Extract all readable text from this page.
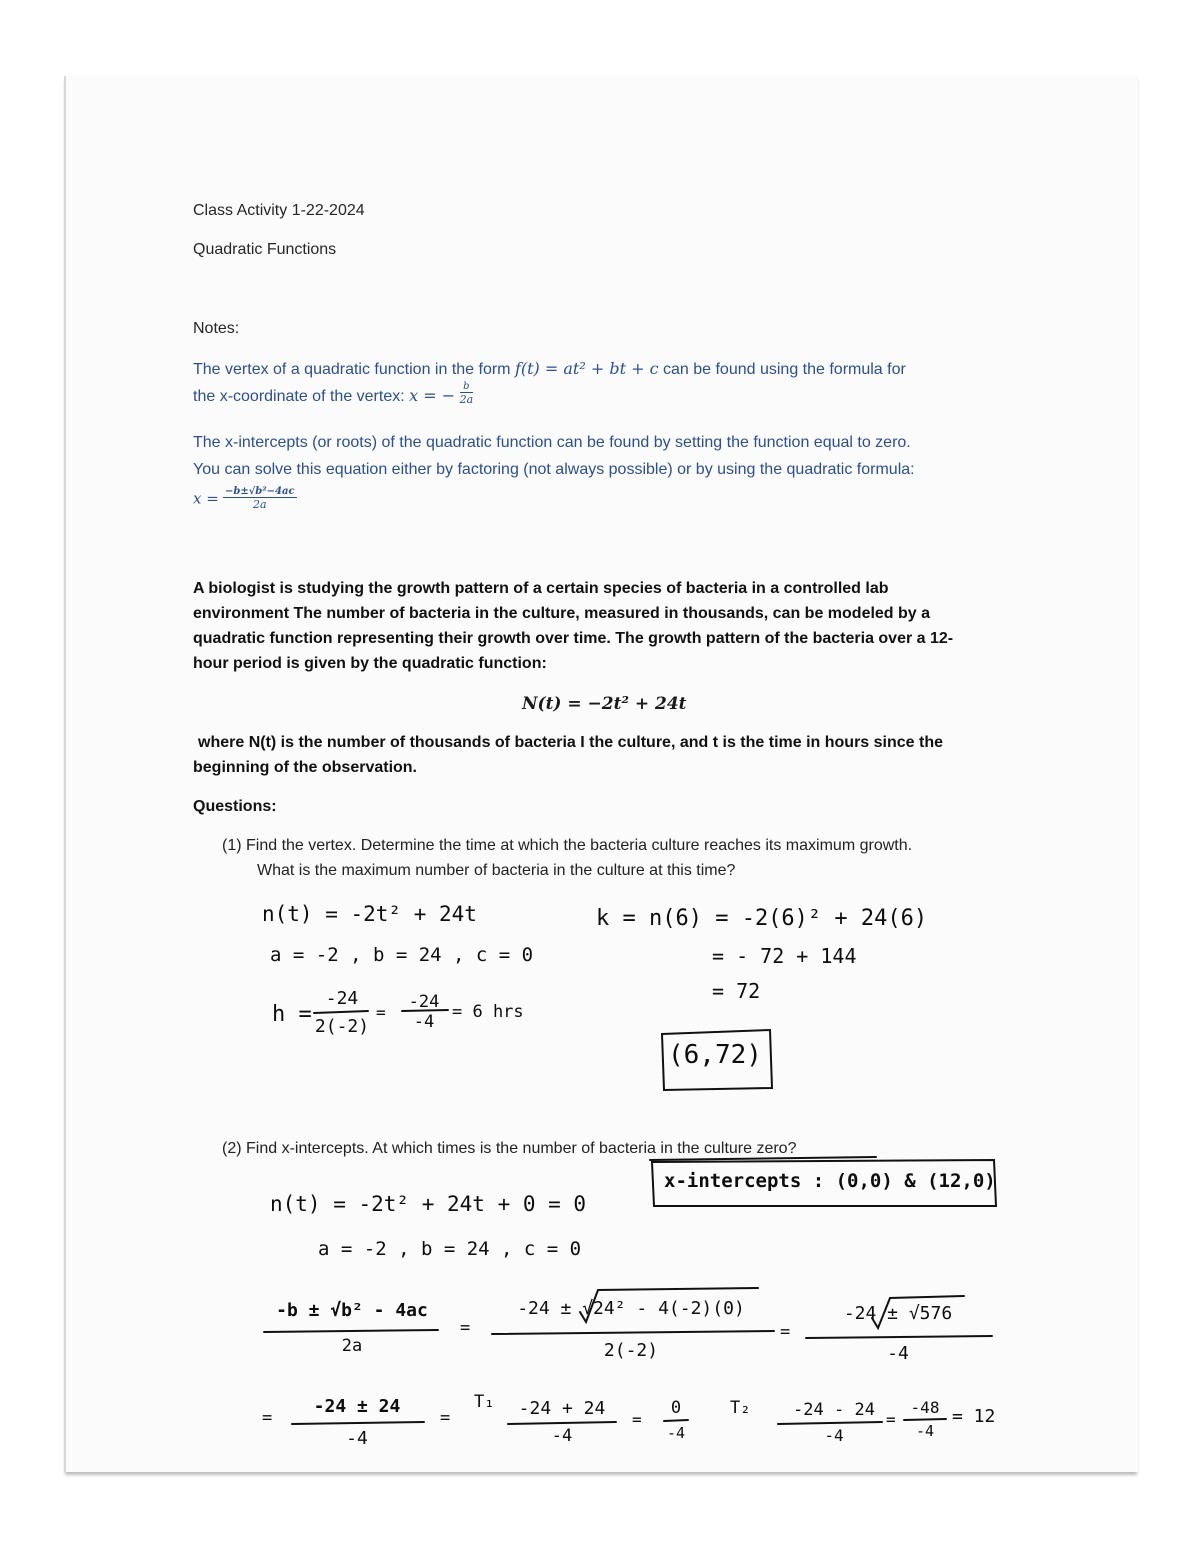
Class Activity 1-22-2024
Quadratic Functions
Notes:
The vertex of a quadratic function in the form f(t) = at² + bt + c can be found using the formula for
the x-coordinate of the vertex: x = − $\frac{b}{2a}$
The x-intercepts (or roots) of the quadratic function can be found by setting the function equal to zero.
You can solve this equation either by factoring (not always possible) or by using the quadratic formula:
$x = \frac{\text{−b±√b²−4ac}}{2a}$
A biologist is studying the growth pattern of a certain species of bacteria in a controlled lab
environment The number of bacteria in the culture, measured in thousands, can be modeled by a
quadratic function representing their growth over time. The growth pattern of the bacteria over a 12-
hour period is given by the quadratic function:
N(t) = −2t² + 24t
where N(t) is the number of thousands of bacteria I the culture, and t is the time in hours since the
beginning of the observation.
Questions:
(1) Find the vertex. Determine the time at which the bacteria culture reaches its maximum growth.
What is the maximum number of bacteria in the culture at this time?
(2) Find x-intercepts. At which times is the number of bacteria in the culture zero?
n(t) = -2t² + 24t
a = -2 , b = 24 , c = 0
h =
-24
2(-2)
=
-24
-4	= 6 hrs
k = n(6) = -2(6)² + 24(6)
= - 72 + 144
= 72
(6,72)
x-intercepts : (0,0) & (12,0)
n(t) = -2t² + 24t + 0 = 0
a = -2 , b = 24 , c = 0
-b ± √b² - 4ac
2a
=
-24 ± √24² - 4(-2)(0)
2(-2)
=
-24 ± √576
-4
=
-24 ± 24
-4
=
T₁	-24 + 24
-4
=
0
-4
T₂	-24 - 24
-4
=
-48
-4
= 12
